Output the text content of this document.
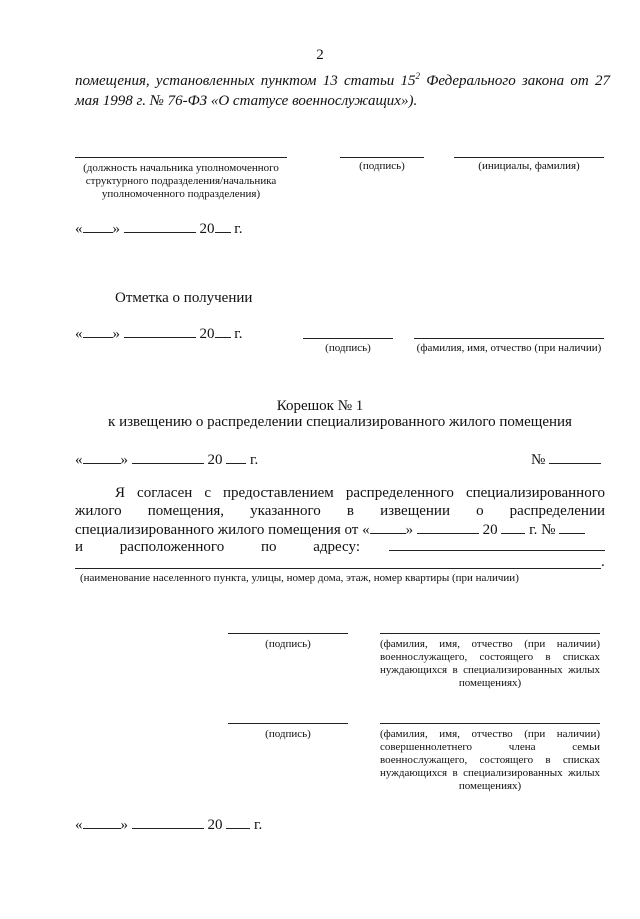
2
помещения, установленных пунктом 13 статьи $15^2$ Федерального закона от 27
мая 1998 г. № 76-ФЗ «О статусе военнослужащих»).
(должность начальника уполномоченного структурного подразделения/начальника уполномоченного подразделения)
(подпись)	(инициалы, фамилия)
« »	20 г.
Отметка о получении
« »	20 г.
(подпись)	(фамилия, имя, отчество (при наличии)
Корешок № 1
к извещению о распределении специализированного жилого помещения
«	»	20 г.	№
Я согласен с предоставлением распределенного специализированного
жилого помещения, указанного в извещении о распределении
специализированного жилого помещения от « »	20 г. №
и расположенного по адресу:
.
(наименование населенного пункта, улицы, номер дома, этаж, номер квартиры (при наличии)
(подпись)	(фамилия, имя, отчество (при наличии) военнослужащего, состоящего в списках нуждающихся в специализированных жилых помещениях)
(подпись)	(фамилия, имя, отчество (при наличии) совершеннолетнего члена семьи военнослужащего, состоящего в списках нуждающихся в специализированных жилых помещениях)
«	»	20 г.
